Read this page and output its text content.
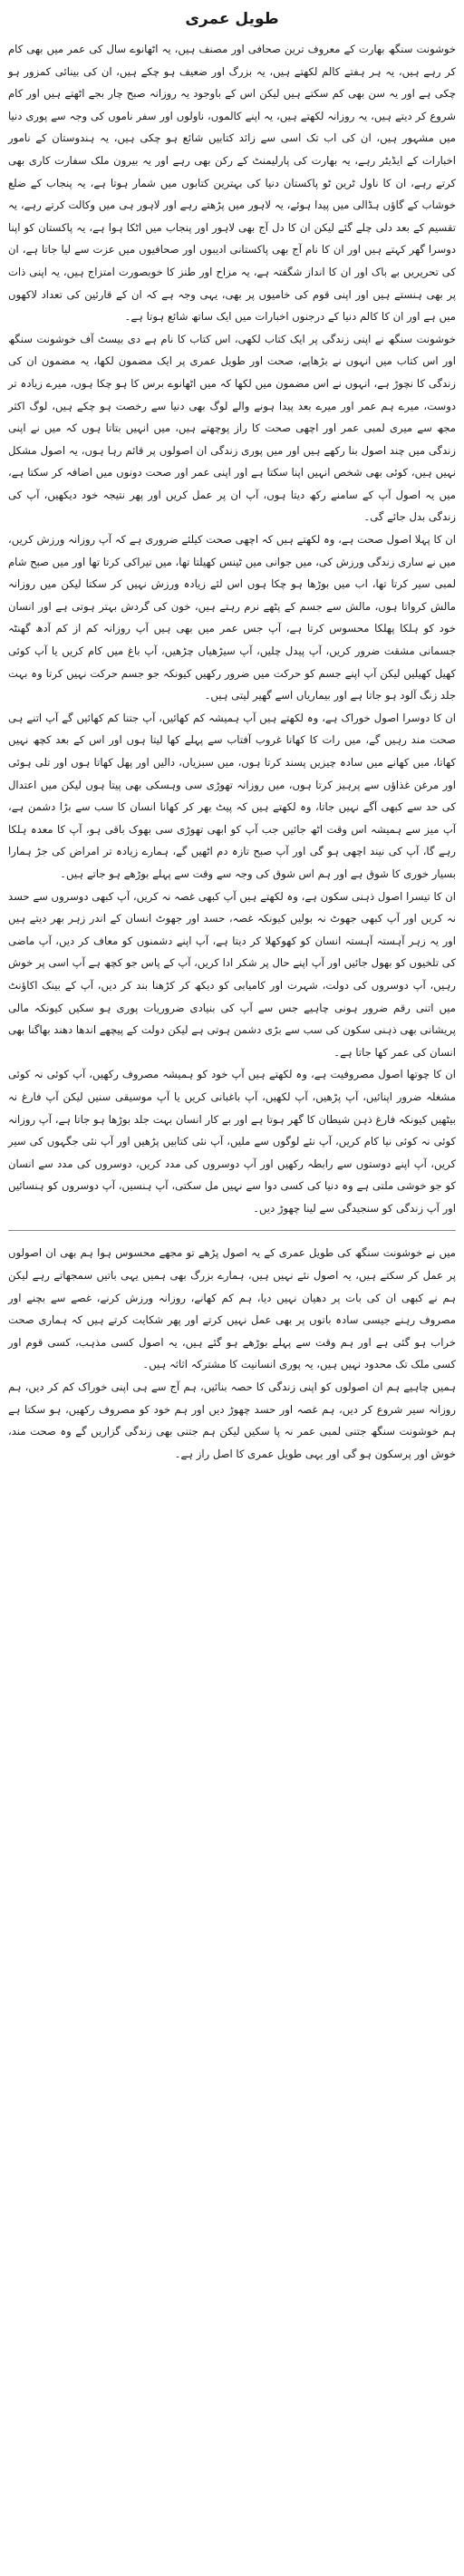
طویل عمری

خوشونت سنگھ بھارت کے معروف ترین صحافی اور مصنف ہیں، یہ اٹھانوے سال کی عمر میں بھی کام کر رہے ہیں، یہ ہر ہفتے کالم لکھتے ہیں، یہ بزرگ اور ضعیف ہو چکے ہیں، ان کی بینائی کمزور ہو چکی ہے اور یہ سن بھی کم سکتے ہیں لیکن اس کے باوجود یہ روزانہ صبح چار بجے اٹھتے ہیں اور کام شروع کر دیتے ہیں، یہ روزانہ لکھتے ہیں، یہ اپنے کالموں، ناولوں اور سفر ناموں کی وجہ سے پوری دنیا میں مشہور ہیں، ان کی اب تک اسی سے زائد کتابیں شائع ہو چکی ہیں، یہ ہندوستان کے نامور اخبارات کے ایڈیٹر رہے، یہ بھارت کی پارلیمنٹ کے رکن بھی رہے اور یہ بیرون ملک سفارت کاری بھی کرتے رہے، ان کا ناول ٹرین ٹو پاکستان دنیا کی بہترین کتابوں میں شمار ہوتا ہے، یہ پنجاب کے ضلع خوشاب کے گاؤں ہڈالی میں پیدا ہوئے، یہ لاہور میں پڑھتے رہے اور لاہور ہی میں وکالت کرتے رہے، یہ تقسیم کے بعد دلی چلے گئے لیکن ان کا دل آج بھی لاہور اور پنجاب میں اٹکا ہوا ہے، یہ پاکستان کو اپنا دوسرا گھر کہتے ہیں اور ان کا نام آج بھی پاکستانی ادیبوں اور صحافیوں میں عزت سے لیا جاتا ہے، ان کی تحریریں بے باک اور ان کا انداز شگفتہ ہے، یہ مزاح اور طنز کا خوبصورت امتزاج ہیں، یہ اپنی ذات پر بھی ہنستے ہیں اور اپنی قوم کی خامیوں پر بھی، یہی وجہ ہے کہ ان کے قارئین کی تعداد لاکھوں میں ہے اور ان کا کالم دنیا کے درجنوں اخبارات میں ایک ساتھ شائع ہوتا ہے۔

خوشونت سنگھ نے اپنی زندگی پر ایک کتاب لکھی، اس کتاب کا نام ہے دی بیسٹ آف خوشونت سنگھ اور اس کتاب میں انہوں نے بڑھاپے، صحت اور طویل عمری پر ایک مضمون لکھا، یہ مضمون ان کی زندگی کا نچوڑ ہے، انہوں نے اس مضمون میں لکھا کہ میں اٹھانوے برس کا ہو چکا ہوں، میرے زیادہ تر دوست، میرے ہم عمر اور میرے بعد پیدا ہونے والے لوگ بھی دنیا سے رخصت ہو چکے ہیں، لوگ اکثر مجھ سے میری لمبی عمر اور اچھی صحت کا راز پوچھتے ہیں، میں انہیں بتاتا ہوں کہ میں نے اپنی زندگی میں چند اصول بنا رکھے ہیں اور میں پوری زندگی ان اصولوں پر قائم رہا ہوں، یہ اصول مشکل نہیں ہیں، کوئی بھی شخص انہیں اپنا سکتا ہے اور اپنی عمر اور صحت دونوں میں اضافہ کر سکتا ہے، میں یہ اصول آپ کے سامنے رکھ دیتا ہوں، آپ ان پر عمل کریں اور پھر نتیجہ خود دیکھیں، آپ کی زندگی بدل جائے گی۔

ان کا پہلا اصول صحت ہے، وہ لکھتے ہیں کہ اچھی صحت کیلئے ضروری ہے کہ آپ روزانہ ورزش کریں، میں نے ساری زندگی ورزش کی، میں جوانی میں ٹینس کھیلتا تھا، میں تیراکی کرتا تھا اور میں صبح شام لمبی سیر کرتا تھا، اب میں بوڑھا ہو چکا ہوں اس لئے زیادہ ورزش نہیں کر سکتا لیکن میں روزانہ مالش کرواتا ہوں، مالش سے جسم کے پٹھے نرم رہتے ہیں، خون کی گردش بہتر ہوتی ہے اور انسان خود کو ہلکا پھلکا محسوس کرتا ہے، آپ جس عمر میں بھی ہیں آپ روزانہ کم از کم آدھ گھنٹہ جسمانی مشقت ضرور کریں، آپ پیدل چلیں، آپ سیڑھیاں چڑھیں، آپ باغ میں کام کریں یا آپ کوئی کھیل کھیلیں لیکن آپ اپنے جسم کو حرکت میں ضرور رکھیں کیونکہ جو جسم حرکت نہیں کرتا وہ بہت جلد زنگ آلود ہو جاتا ہے اور بیماریاں اسے گھیر لیتی ہیں۔

ان کا دوسرا اصول خوراک ہے، وہ لکھتے ہیں آپ ہمیشہ کم کھائیں، آپ جتنا کم کھائیں گے آپ اتنے ہی صحت مند رہیں گے، میں رات کا کھانا غروب آفتاب سے پہلے کھا لیتا ہوں اور اس کے بعد کچھ نہیں کھاتا، میں کھانے میں سادہ چیزیں پسند کرتا ہوں، میں سبزیاں، دالیں اور پھل کھاتا ہوں اور تلی ہوئی اور مرغن غذاؤں سے پرہیز کرتا ہوں، میں روزانہ تھوڑی سی وہسکی بھی پیتا ہوں لیکن میں اعتدال کی حد سے کبھی آگے نہیں جاتا، وہ لکھتے ہیں کہ پیٹ بھر کر کھانا انسان کا سب سے بڑا دشمن ہے، آپ میز سے ہمیشہ اس وقت اٹھ جائیں جب آپ کو ابھی تھوڑی سی بھوک باقی ہو، آپ کا معدہ ہلکا رہے گا، آپ کی نیند اچھی ہو گی اور آپ صبح تازہ دم اٹھیں گے، ہمارے زیادہ تر امراض کی جڑ ہمارا بسیار خوری کا شوق ہے اور ہم اس شوق کی وجہ سے وقت سے پہلے بوڑھے ہو جاتے ہیں۔

ان کا تیسرا اصول ذہنی سکون ہے، وہ لکھتے ہیں آپ کبھی غصہ نہ کریں، آپ کبھی دوسروں سے حسد نہ کریں اور آپ کبھی جھوٹ نہ بولیں کیونکہ غصہ، حسد اور جھوٹ انسان کے اندر زہر بھر دیتے ہیں اور یہ زہر آہستہ آہستہ انسان کو کھوکھلا کر دیتا ہے، آپ اپنے دشمنوں کو معاف کر دیں، آپ ماضی کی تلخیوں کو بھول جائیں اور آپ اپنے حال پر شکر ادا کریں، آپ کے پاس جو کچھ ہے آپ اسی پر خوش رہیں، آپ دوسروں کی دولت، شہرت اور کامیابی کو دیکھ کر کڑھنا بند کر دیں، آپ کے بینک اکاؤنٹ میں اتنی رقم ضرور ہونی چاہیے جس سے آپ کی بنیادی ضروریات پوری ہو سکیں کیونکہ مالی پریشانی بھی ذہنی سکون کی سب سے بڑی دشمن ہوتی ہے لیکن دولت کے پیچھے اندھا دھند بھاگنا بھی انسان کی عمر کھا جاتا ہے۔

ان کا چوتھا اصول مصروفیت ہے، وہ لکھتے ہیں آپ خود کو ہمیشہ مصروف رکھیں، آپ کوئی نہ کوئی مشغلہ ضرور اپنائیں، آپ پڑھیں، آپ لکھیں، آپ باغبانی کریں یا آپ موسیقی سنیں لیکن آپ فارغ نہ بیٹھیں کیونکہ فارغ ذہن شیطان کا گھر ہوتا ہے اور بے کار انسان بہت جلد بوڑھا ہو جاتا ہے، آپ روزانہ کوئی نہ کوئی نیا کام کریں، آپ نئے لوگوں سے ملیں، آپ نئی کتابیں پڑھیں اور آپ نئی جگہوں کی سیر کریں، آپ اپنے دوستوں سے رابطہ رکھیں اور آپ دوسروں کی مدد کریں، دوسروں کی مدد سے انسان کو جو خوشی ملتی ہے وہ دنیا کی کسی دوا سے نہیں مل سکتی، آپ ہنسیں، آپ دوسروں کو ہنسائیں اور آپ زندگی کو سنجیدگی سے لینا چھوڑ دیں۔

میں نے خوشونت سنگھ کی طویل عمری کے یہ اصول پڑھے تو مجھے محسوس ہوا ہم بھی ان اصولوں پر عمل کر سکتے ہیں، یہ اصول نئے نہیں ہیں، ہمارے بزرگ بھی ہمیں یہی باتیں سمجھاتے رہے لیکن ہم نے کبھی ان کی بات پر دھیان نہیں دیا، ہم کم کھانے، روزانہ ورزش کرنے، غصے سے بچنے اور مصروف رہنے جیسی سادہ باتوں پر بھی عمل نہیں کرتے اور پھر شکایت کرتے ہیں کہ ہماری صحت خراب ہو گئی ہے اور ہم وقت سے پہلے بوڑھے ہو گئے ہیں، یہ اصول کسی مذہب، کسی قوم اور کسی ملک تک محدود نہیں ہیں، یہ پوری انسانیت کا مشترکہ اثاثہ ہیں۔

ہمیں چاہیے ہم ان اصولوں کو اپنی زندگی کا حصہ بنائیں، ہم آج سے ہی اپنی خوراک کم کر دیں، ہم روزانہ سیر شروع کر دیں، ہم غصہ اور حسد چھوڑ دیں اور ہم خود کو مصروف رکھیں، ہو سکتا ہے ہم خوشونت سنگھ جتنی لمبی عمر نہ پا سکیں لیکن ہم جتنی بھی زندگی گزاریں گے وہ صحت مند، خوش اور پرسکون ہو گی اور یہی طویل عمری کا اصل راز ہے۔
